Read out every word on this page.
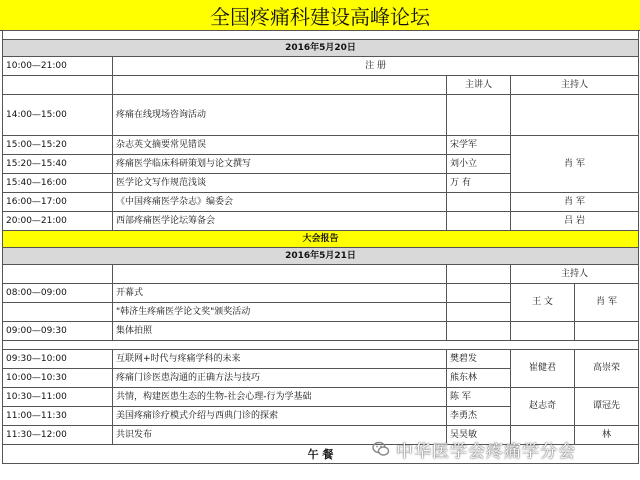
全国疼痛科建设高峰论坛

2016年5月20日				
10:00—21:00	注 册			
		主讲人	主持人	
14:00—15:00	疼痛在线现场咨询活动			
15:00—15:20	杂志英文摘要常见错误	宋学军	肖 军	
15:20—15:40	疼痛医学临床科研策划与论文撰写	刘小立		
15:40—16:00	医学论文写作规范浅谈	万 有		
16:00—17:00	《中国疼痛医学杂志》编委会		肖 军	
20:00—21:00	西部疼痛医学论坛筹备会		吕 岩	
大会报告				
2016年5月21日				
			主持人	
08:00—09:00	开幕式		王 文	肖 军
	"韩济生疼痛医学论文奖"颁奖活动			
09:00—09:30	集体拍照			

09:30—10:00	互联网+时代与疼痛学科的未来	樊碧发	崔健君	高崇荣
10:00—10:30	疼痛门诊医患沟通的正确方法与技巧	熊东林		
10:30—11:00	共情，构建医患生态的生物-社会心理-行为学基础	陈 军	赵志奇	谭冠先
11:00—11:30	美国疼痛诊疗模式介绍与西典门诊的探索	李勇杰		
11:30—12:00	共识发布	吴昊敏		林
午 餐					中华医学会疼痛学分会
